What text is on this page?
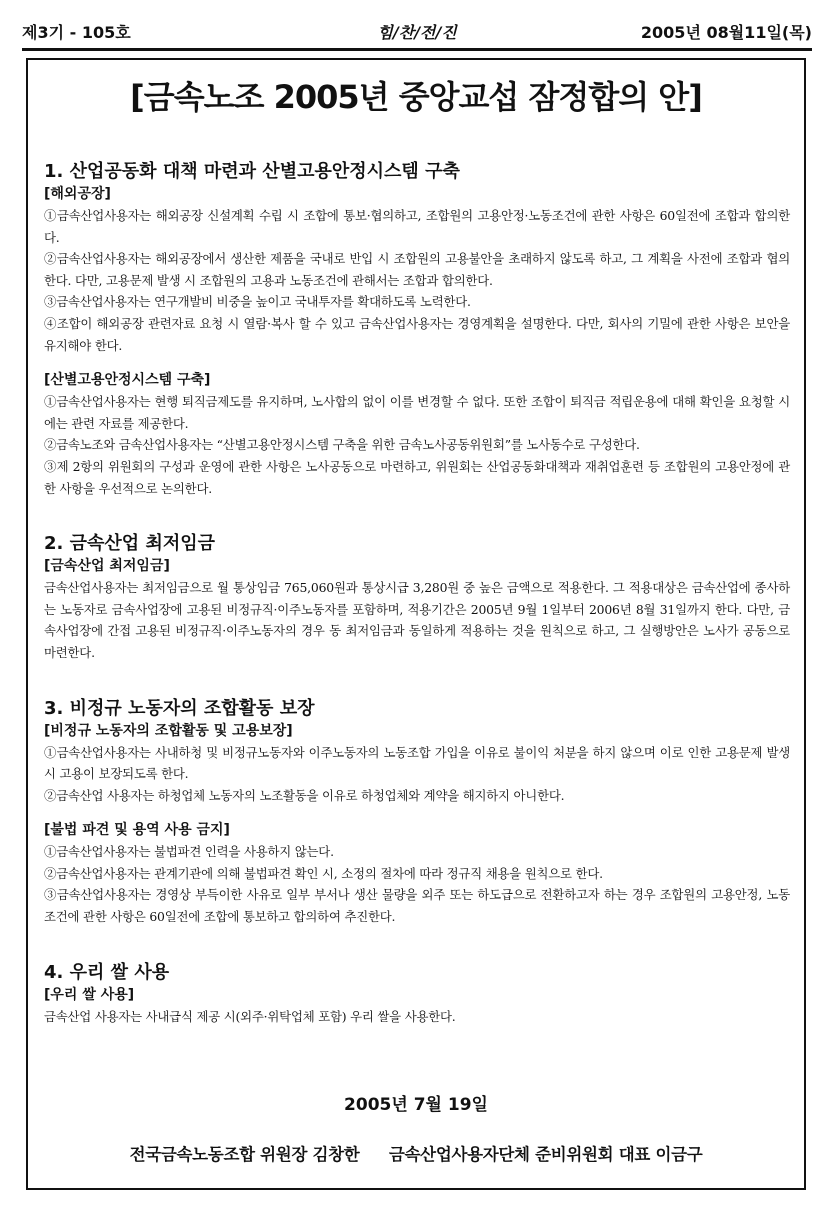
제3기 - 105호	힘/찬/전/진	2005년 08월11일(목)
[금속노조 2005년 중앙교섭 잠정합의 안]
1. 산업공동화 대책 마련과 산별고용안정시스템 구축
[해외공장]

①금속산업사용자는 해외공장 신설계획 수립 시 조합에 통보·협의하고, 조합원의 고용안정·노동조건에 관한 사항은 60일전에 조합과 합의한다.

②금속산업사용자는 해외공장에서 생산한 제품을 국내로 반입 시 조합원의 고용불안을 초래하지 않도록 하고, 그 계획을 사전에 조합과 협의한다. 다만, 고용문제 발생 시 조합원의 고용과 노동조건에 관해서는 조합과 합의한다.

③금속산업사용자는 연구개발비 비중을 높이고 국내투자를 확대하도록 노력한다.

④조합이 해외공장 관련자료 요청 시 열람·복사 할 수 있고 금속산업사용자는 경영계획을 설명한다. 다만, 회사의 기밀에 관한 사항은 보안을 유지해야 한다.

[산별고용안정시스템 구축]

①금속산업사용자는 현행 퇴직금제도를 유지하며, 노사합의 없이 이를 변경할 수 없다. 또한 조합이 퇴직금 적립운용에 대해 확인을 요청할 시에는 관련 자료를 제공한다.

②금속노조와 금속산업사용자는 “산별고용안정시스템 구축을 위한 금속노사공동위원회”를 노사동수로 구성한다.

③제 2항의 위원회의 구성과 운영에 관한 사항은 노사공동으로 마련하고, 위원회는 산업공동화대책과 재취업훈련 등 조합원의 고용안정에 관한 사항을 우선적으로 논의한다.

2. 금속산업 최저임금
[금속산업 최저임금]

금속산업사용자는 최저임금으로 월 통상임금 765,060원과 통상시급 3,280원 중 높은 금액으로 적용한다. 그 적용대상은 금속산업에 종사하는 노동자로 금속사업장에 고용된 비정규직·이주노동자를 포함하며, 적용기간은 2005년 9월 1일부터 2006년 8월 31일까지 한다. 다만, 금속사업장에 간접 고용된 비정규직·이주노동자의 경우 동 최저임금과 동일하게 적용하는 것을 원칙으로 하고, 그 실행방안은 노사가 공동으로 마련한다.

3. 비정규 노동자의 조합활동 보장
[비정규 노동자의 조합활동 및 고용보장]

①금속산업사용자는 사내하청 및 비정규노동자와 이주노동자의 노동조합 가입을 이유로 불이익 처분을 하지 않으며 이로 인한 고용문제 발생시 고용이 보장되도록 한다.

②금속산업 사용자는 하청업체 노동자의 노조활동을 이유로 하청업체와 계약을 해지하지 아니한다.

[불법 파견 및 용역 사용 금지]

①금속산업사용자는 불법파견 인력을 사용하지 않는다.

②금속산업사용자는 관계기관에 의해 불법파견 확인 시, 소정의 절차에 따라 정규직 채용을 원칙으로 한다.

③금속산업사용자는 경영상 부득이한 사유로 일부 부서나 생산 물량을 외주 또는 하도급으로 전환하고자 하는 경우 조합원의 고용안정, 노동조건에 관한 사항은 60일전에 조합에 통보하고 합의하여 추진한다.

4. 우리 쌀 사용
[우리 쌀 사용]

금속산업 사용자는 사내급식 제공 시(외주·위탁업체 포함) 우리 쌀을 사용한다.

2005년 7월 19일
전국금속노동조합 위원장 김창한 금속산업사용자단체 준비위원회 대표 이금구
